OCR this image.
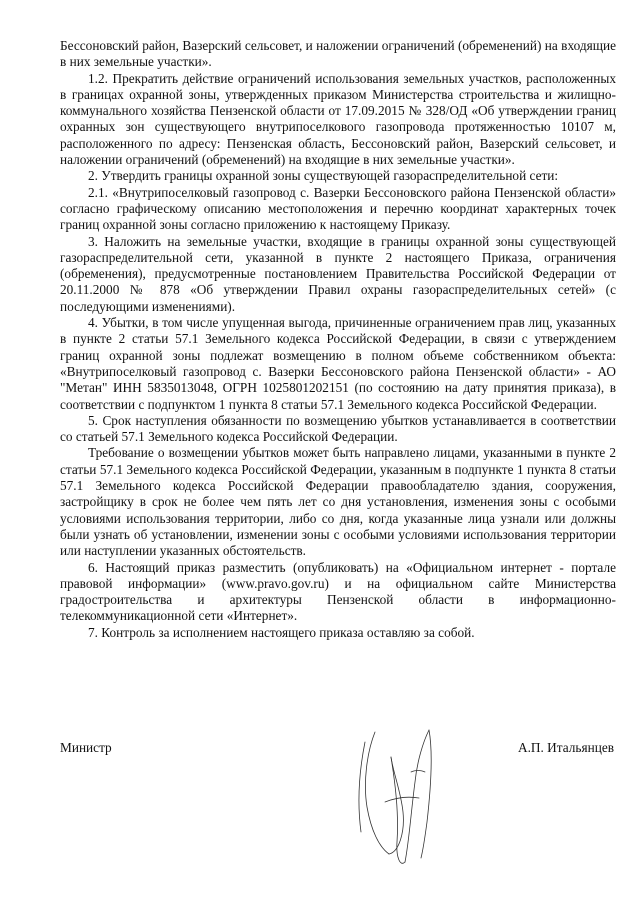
Бессоновский район, Вазерский сельсовет, и наложении ограничений (обременений) на входящие в них земельные участки».

1.2. Прекратить действие ограничений использования земельных участков, расположенных в границах охранной зоны, утвержденных приказом Министерства строительства и жилищно-коммунального хозяйства Пензенской области от 17.09.2015 № 328/ОД «Об утверждении границ охранных зон существующего внутрипоселкового газопровода протяженностью 10107 м, расположенного по адресу: Пензенская область, Бессоновский район, Вазерский сельсовет, и наложении ограничений (обременений) на входящие в них земельные участки».

2. Утвердить границы охранной зоны существующей газораспределительной сети:

2.1. «Внутрипоселковый газопровод с. Вазерки Бессоновского района Пензенской области» согласно графическому описанию местоположения и перечню координат характерных точек границ охранной зоны согласно приложению к настоящему Приказу.

3. Наложить на земельные участки, входящие в границы охранной зоны существующей газораспределительной сети, указанной в пункте 2 настоящего Приказа, ограничения (обременения), предусмотренные постановлением Правительства Российской Федерации от 20.11.2000 № 878 «Об утверждении Правил охраны газораспределительных сетей» (с последующими изменениями).

4. Убытки, в том числе упущенная выгода, причиненные ограничением прав лиц, указанных в пункте 2 статьи 57.1 Земельного кодекса Российской Федерации, в связи с утверждением границ охранной зоны подлежат возмещению в полном объеме собственником объекта: «Внутрипоселковый газопровод с. Вазерки Бессоновского района Пензенской области» - АО "Метан" ИНН 5835013048, ОГРН 1025801202151 (по состоянию на дату принятия приказа), в соответствии с подпунктом 1 пункта 8 статьи 57.1 Земельного кодекса Российской Федерации.

5. Срок наступления обязанности по возмещению убытков устанавливается в соответствии со статьей 57.1 Земельного кодекса Российской Федерации.

Требование о возмещении убытков может быть направлено лицами, указанными в пункте 2 статьи 57.1 Земельного кодекса Российской Федерации, указанным в подпункте 1 пункта 8 статьи 57.1 Земельного кодекса Российской Федерации правообладателю здания, сооружения, застройщику в срок не более чем пять лет со дня установления, изменения зоны с особыми условиями использования территории, либо со дня, когда указанные лица узнали или должны были узнать об установлении, изменении зоны с особыми условиями использования территории или наступлении указанных обстоятельств.

6. Настоящий приказ разместить (опубликовать) на «Официальном интернет - портале правовой информации» (www.pravo.gov.ru) и на официальном сайте Министерства градостроительства и архитектуры Пензенской области в информационно-телекоммуникационной сети «Интернет».

7. Контроль за исполнением настоящего приказа оставляю за собой.

Министр	А.П. Итальянцев
